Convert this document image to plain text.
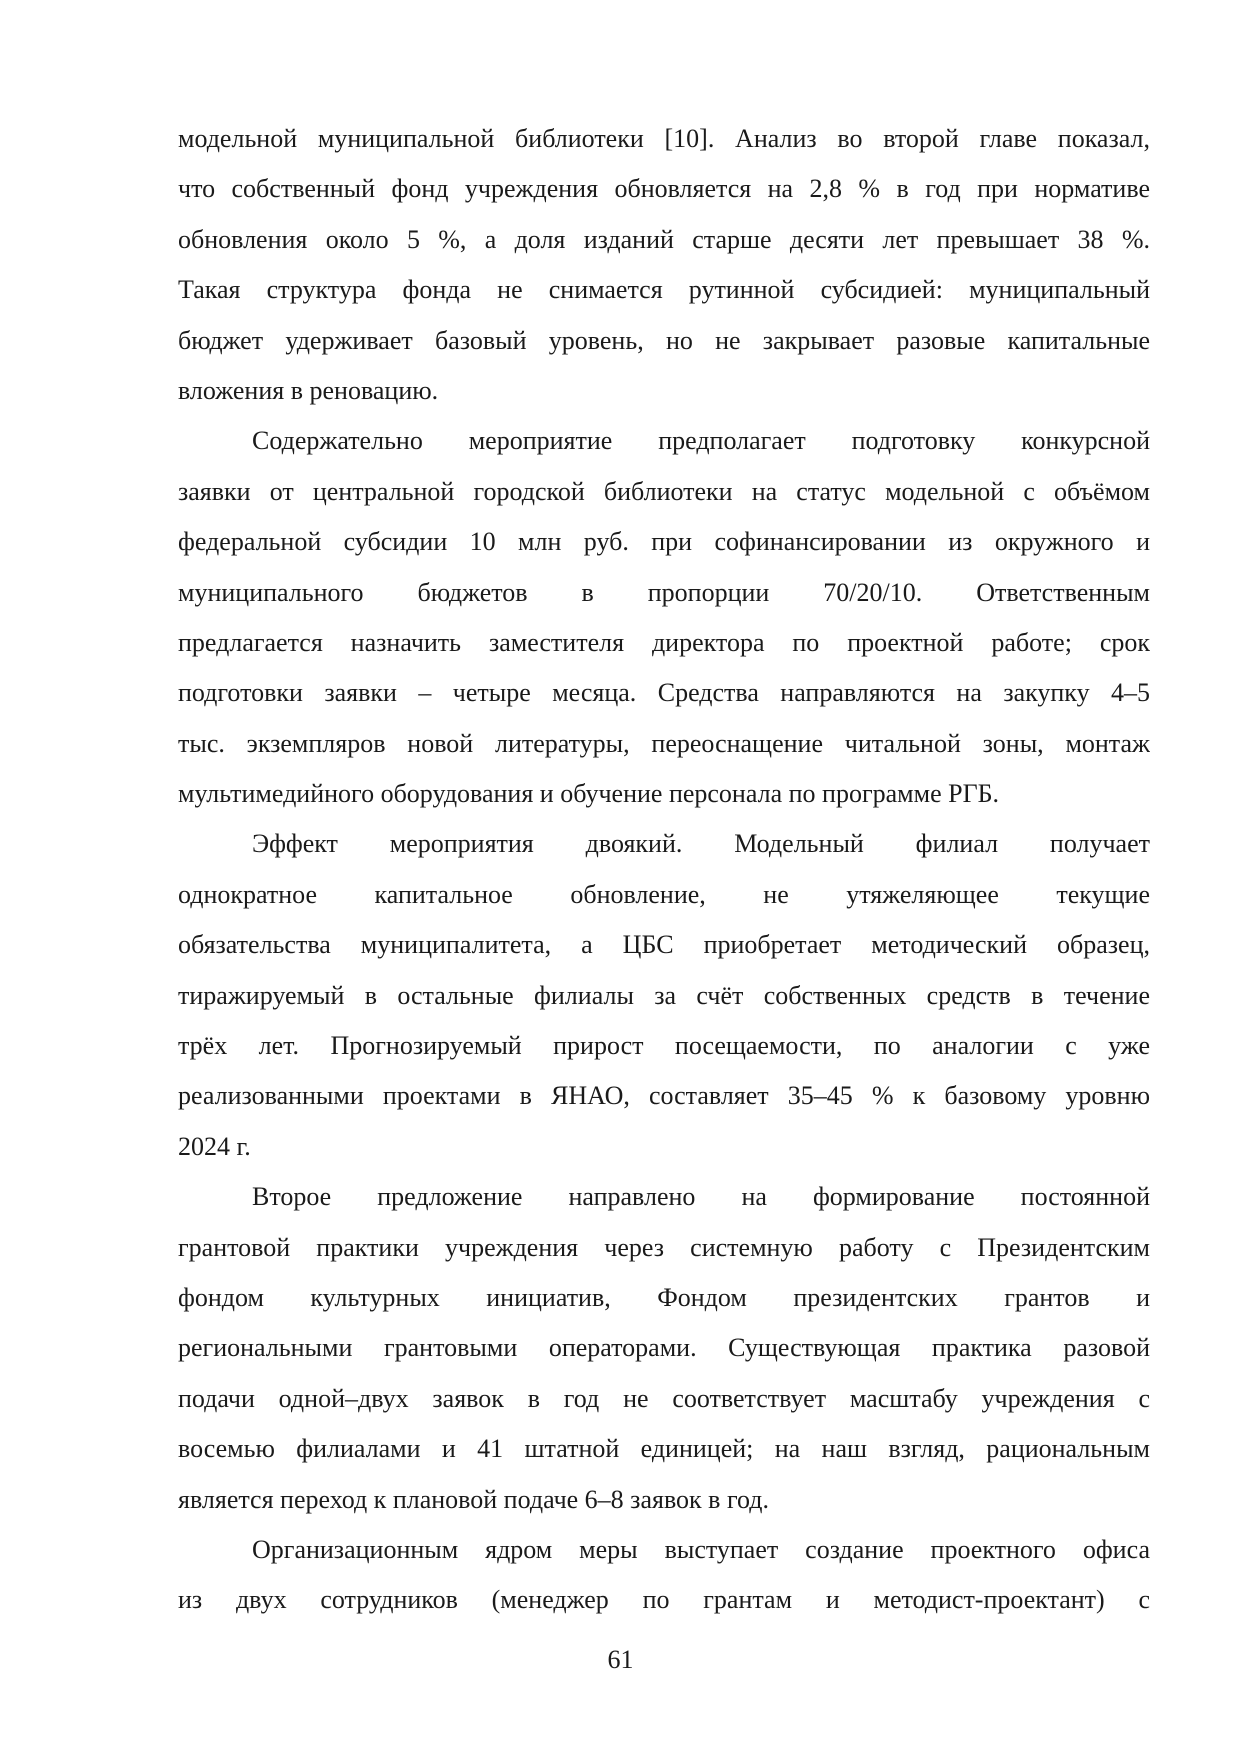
модельной муниципальной библиотеки [10]. Анализ во второй главе показал,
что собственный фонд учреждения обновляется на 2,8 % в год при нормативе
обновления около 5 %, а доля изданий старше десяти лет превышает 38 %.
Такая структура фонда не снимается рутинной субсидией: муниципальный
бюджет удерживает базовый уровень, но не закрывает разовые капитальные
вложения в реновацию.
Содержательно мероприятие предполагает подготовку конкурсной
заявки от центральной городской библиотеки на статус модельной с объёмом
федеральной субсидии 10 млн руб. при софинансировании из окружного и
муниципального бюджетов в пропорции 70/20/10. Ответственным
предлагается назначить заместителя директора по проектной работе; срок
подготовки заявки – четыре месяца. Средства направляются на закупку 4–5
тыс. экземпляров новой литературы, переоснащение читальной зоны, монтаж
мультимедийного оборудования и обучение персонала по программе РГБ.
Эффект мероприятия двоякий. Модельный филиал получает
однократное капитальное обновление, не утяжеляющее текущие
обязательства муниципалитета, а ЦБС приобретает методический образец,
тиражируемый в остальные филиалы за счёт собственных средств в течение
трёх лет. Прогнозируемый прирост посещаемости, по аналогии с уже
реализованными проектами в ЯНАО, составляет 35–45 % к базовому уровню
2024 г.
Второе предложение направлено на формирование постоянной
грантовой практики учреждения через системную работу с Президентским
фондом культурных инициатив, Фондом президентских грантов и
региональными грантовыми операторами. Существующая практика разовой
подачи одной–двух заявок в год не соответствует масштабу учреждения с
восемью филиалами и 41 штатной единицей; на наш взгляд, рациональным
является переход к плановой подаче 6–8 заявок в год.
Организационным ядром меры выступает создание проектного офиса
из двух сотрудников (менеджер по грантам и методист-проектант) с
61
